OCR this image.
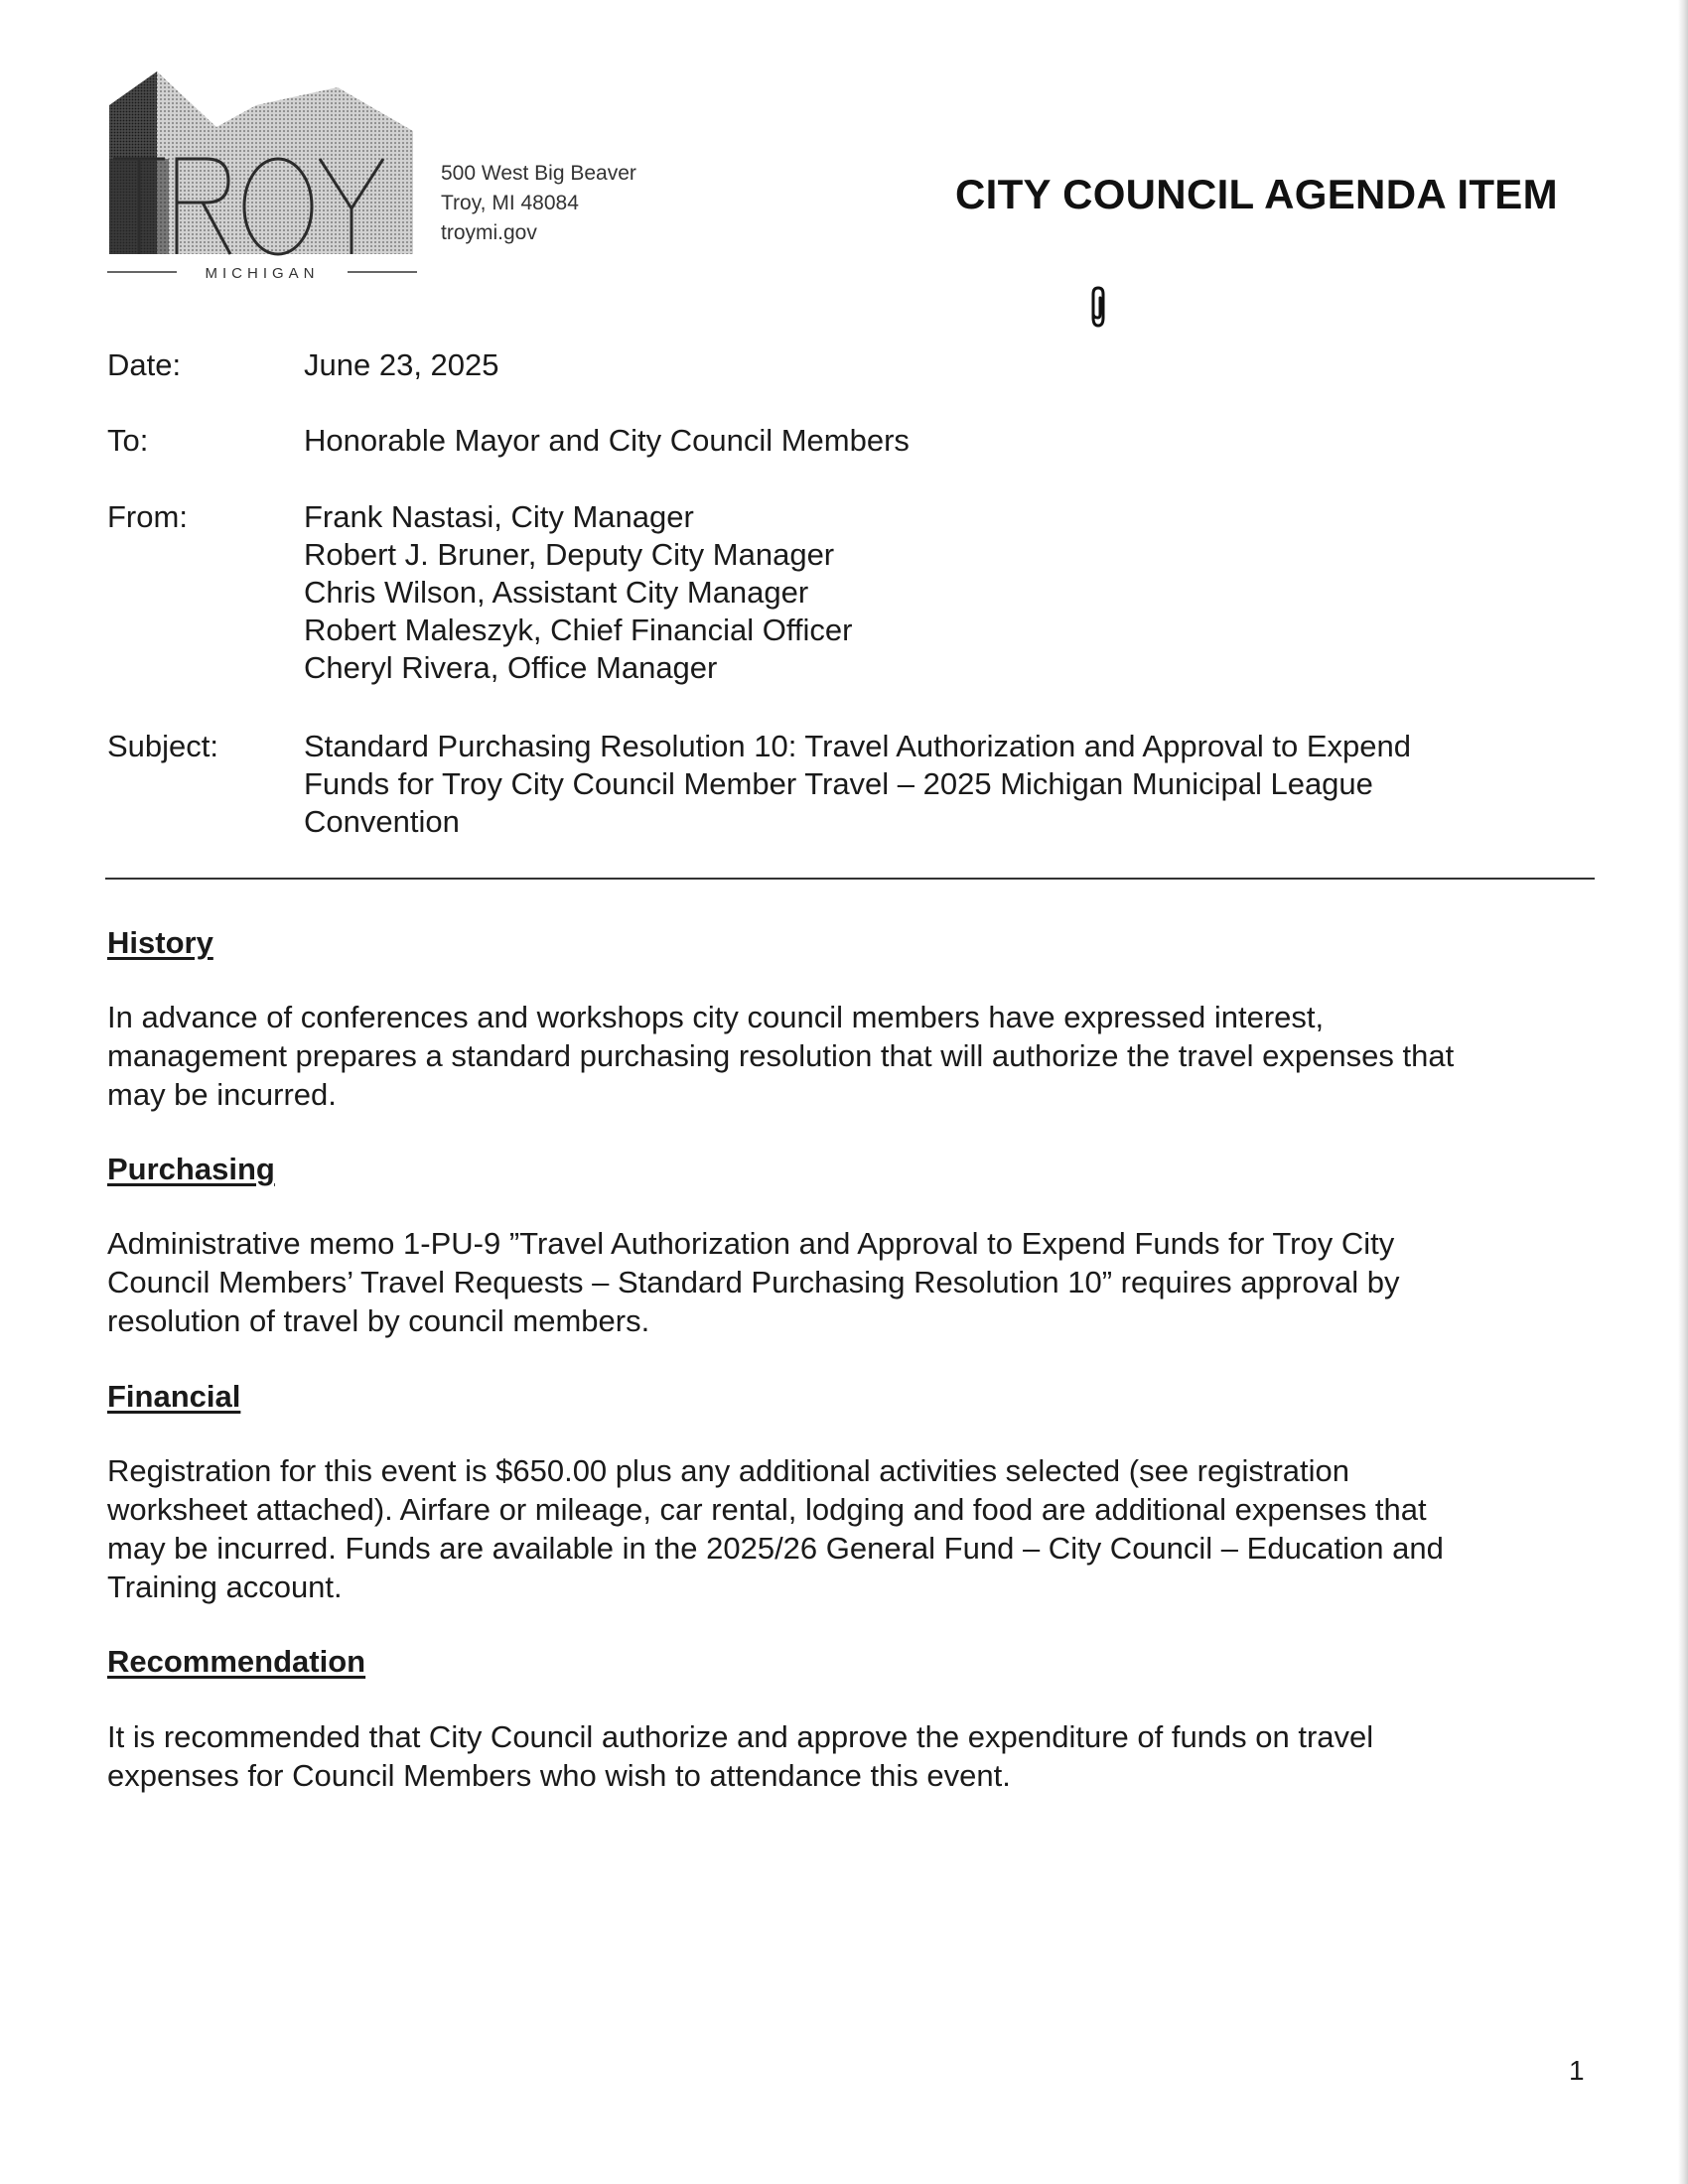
MICHIGAN
500 West Big Beaver
Troy, MI 48084
troymi.gov
CITY COUNCIL AGENDA ITEM
Date:	June 23, 2025
To:	Honorable Mayor and City Council Members
From:	Frank Nastasi, City Manager
Robert J. Bruner, Deputy City Manager
Chris Wilson, Assistant City Manager
Robert Maleszyk, Chief Financial Officer
Cheryl Rivera, Office Manager
Subject:	Standard Purchasing Resolution 10: Travel Authorization and Approval to Expend
Funds for Troy City Council Member Travel – 2025 Michigan Municipal League
Convention
History
In advance of conferences and workshops city council members have expressed interest,
management prepares a standard purchasing resolution that will authorize the travel expenses that
may be incurred.
Purchasing
Administrative memo 1-PU-9 ”Travel Authorization and Approval to Expend Funds for Troy City
Council Members’ Travel Requests – Standard Purchasing Resolution 10” requires approval by
resolution of travel by council members.
Financial
Registration for this event is $650.00 plus any additional activities selected (see registration
worksheet attached). Airfare or mileage, car rental, lodging and food are additional expenses that
may be incurred. Funds are available in the 2025/26 General Fund – City Council – Education and
Training account.
Recommendation
It is recommended that City Council authorize and approve the expenditure of funds on travel
expenses for Council Members who wish to attendance this event.
1
